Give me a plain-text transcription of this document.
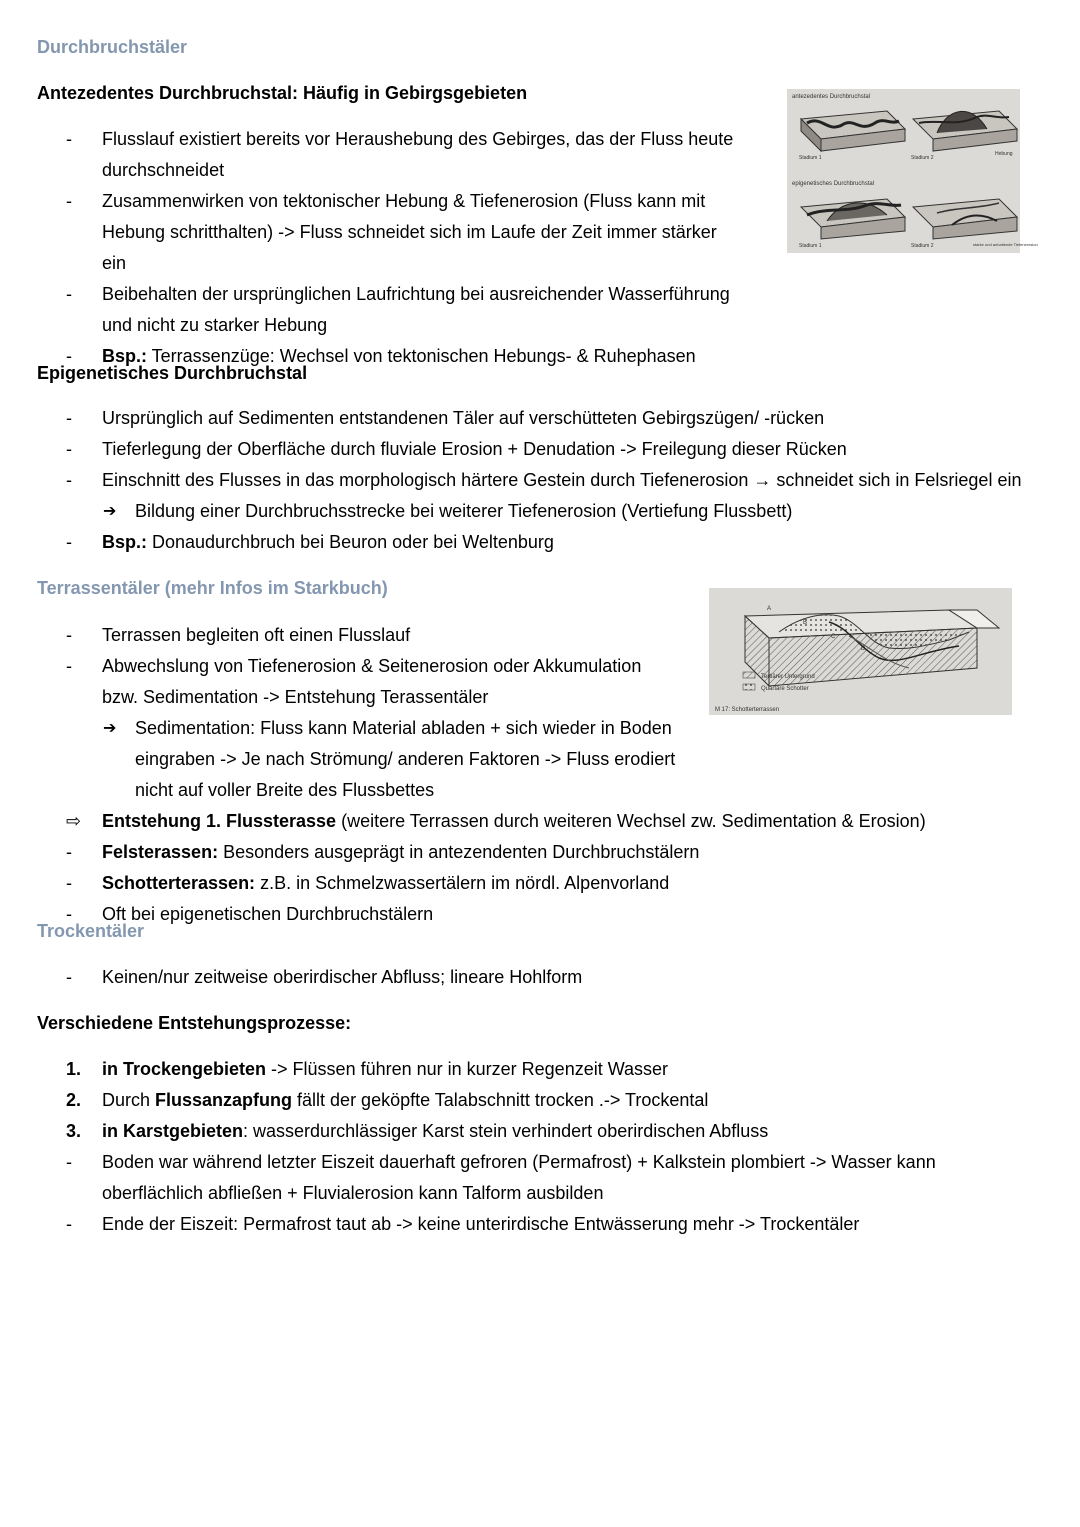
Durchbruchstäler
Antezedentes Durchbruchstal: Häufig in Gebirgsgebieten	antezedentes Durchbruchstal
Stadium 1	Stadium 2
Hebung
epigenetisches Durchbruchstal
Stadium 1	Stadium 2	starke und anhaltende Tiefenerosion
-	Flusslauf existiert bereits vor Heraushebung des Gebirges, das der Fluss heute durchschneidet
-	Zusammenwirken von tektonischer Hebung & Tiefenerosion (Fluss kann mit Hebung schritthalten) -> Fluss schneidet sich im Laufe der Zeit immer stärker ein
-	Beibehalten der ursprünglichen Laufrichtung bei ausreichender Wasserführung und nicht zu starker Hebung
-	Bsp.: Terrassenzüge: Wechsel von tektonischen Hebungs- & Ruhephasen
Epigenetisches Durchbruchstal
-	Ursprünglich auf Sedimenten entstandenen Täler auf verschütteten Gebirgszügen/ -rücken
-	Tieferlegung der Oberfläche durch fluviale Erosion + Denudation -> Freilegung dieser Rücken
-	Einschnitt des Flusses in das morphologisch härtere Gestein durch Tiefenerosion → schneidet sich in Felsriegel ein
➔	Bildung einer Durchbruchsstrecke bei weiterer Tiefenerosion (Vertiefung Flussbett)
-	Bsp.: Donaudurchbruch bei Beuron oder bei Weltenburg
Terrassentäler (mehr Infos im Starkbuch)
A
B
C
D
Tertiärer Untergrund
Quartäre Schotter
M 17: Schotterterrassen
-	Terrassen begleiten oft einen Flusslauf
-	Abwechslung von Tiefenerosion & Seitenerosion oder Akkumulation bzw. Sedimentation -> Entstehung Terassentäler
➔	Sedimentation: Fluss kann Material abladen + sich wieder in Boden eingraben -> Je nach Strömung/ anderen Faktoren -> Fluss erodiert nicht auf voller Breite des Flussbettes
⇨	Entstehung 1. Flussterasse (weitere Terrassen durch weiteren Wechsel zw. Sedimentation & Erosion)
-	Felsterassen: Besonders ausgeprägt in antezendenten Durchbruchstälern
-	Schotterterassen: z.B. in Schmelzwassertälern im nördl. Alpenvorland
-	Oft bei epigenetischen Durchbruchstälern
Trockentäler
-	Keinen/nur zeitweise oberirdischer Abfluss; lineare Hohlform
Verschiedene Entstehungsprozesse:
1.	in Trockengebieten -> Flüssen führen nur in kurzer Regenzeit Wasser
2.	Durch Flussanzapfung fällt der geköpfte Talabschnitt trocken .-> Trockental
3.	in Karstgebieten: wasserdurchlässiger Karst stein verhindert oberirdischen Abfluss
-	Boden war während letzter Eiszeit dauerhaft gefroren (Permafrost) + Kalkstein plombiert -> Wasser kann oberflächlich abfließen + Fluvialerosion kann Talform ausbilden
-	Ende der Eiszeit: Permafrost taut ab -> keine unterirdische Entwässerung mehr -> Trockentäler
